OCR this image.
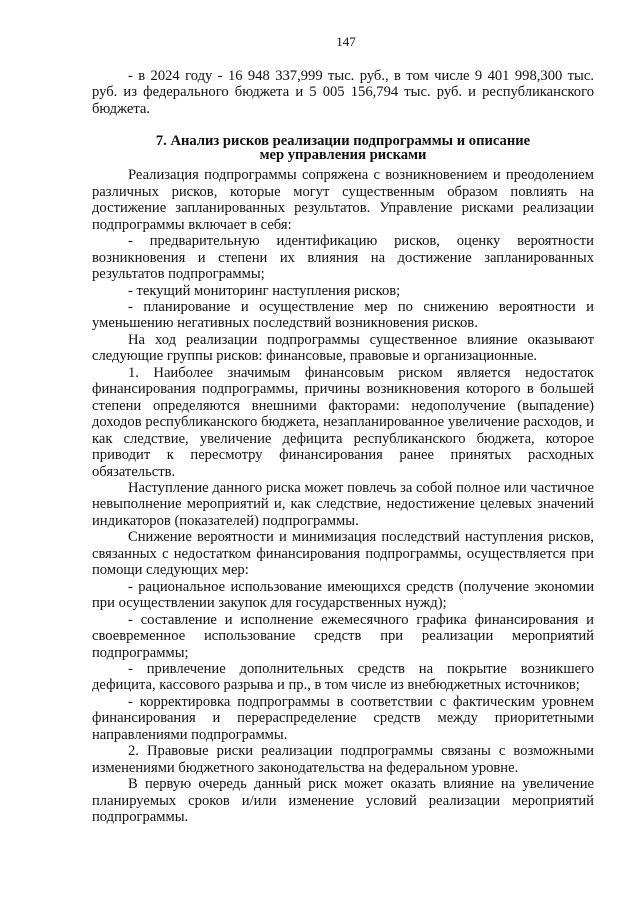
147

- в 2024 году - 16 948 337,999 тыс. руб., в том числе 9 401 998,300 тыс. руб. из федерального бюджета и 5 005 156,794 тыс. руб. и республиканского бюджета.

7. Анализ рисков реализации подпрограммы и описание
мер управления рисками

Реализация подпрограммы сопряжена с возникновением и преодолением различных рисков, которые могут существенным образом повлиять на достижение запланированных результатов. Управление рисками реализации подпрограммы включает в себя:

- предварительную идентификацию рисков, оценку вероятности возникновения и степени их влияния на достижение запланированных результатов подпрограммы;

- текущий мониторинг наступления рисков;

- планирование и осуществление мер по снижению вероятности и уменьшению негативных последствий возникновения рисков.

На ход реализации подпрограммы существенное влияние оказывают следующие группы рисков: финансовые, правовые и организационные.

1. Наиболее значимым финансовым риском является недостаток финансирования подпрограммы, причины возникновения которого в большей степени определяются внешними факторами: недополучение (выпадение) доходов республиканского бюджета, незапланированное увеличение расходов, и как следствие, увеличение дефицита республиканского бюджета, которое приводит к пересмотру финансирования ранее принятых расходных обязательств.

Наступление данного риска может повлечь за собой полное или частичное невыполнение мероприятий и, как следствие, недостижение целевых значений индикаторов (показателей) подпрограммы.

Снижение вероятности и минимизация последствий наступления рисков, связанных с недостатком финансирования подпрограммы, осуществляется при помощи следующих мер:

- рациональное использование имеющихся средств (получение экономии при осуществлении закупок для государственных нужд);

- составление и исполнение ежемесячного графика финансирования и своевременное использование средств при реализации мероприятий подпрограммы;

- привлечение дополнительных средств на покрытие возникшего дефицита, кассового разрыва и пр., в том числе из внебюджетных источников;

- корректировка подпрограммы в соответствии с фактическим уровнем финансирования и перераспределение средств между приоритетными направлениями подпрограммы.

2. Правовые риски реализации подпрограммы связаны с возможными изменениями бюджетного законодательства на федеральном уровне.

В первую очередь данный риск может оказать влияние на увеличение планируемых сроков и/или изменение условий реализации мероприятий подпрограммы.
